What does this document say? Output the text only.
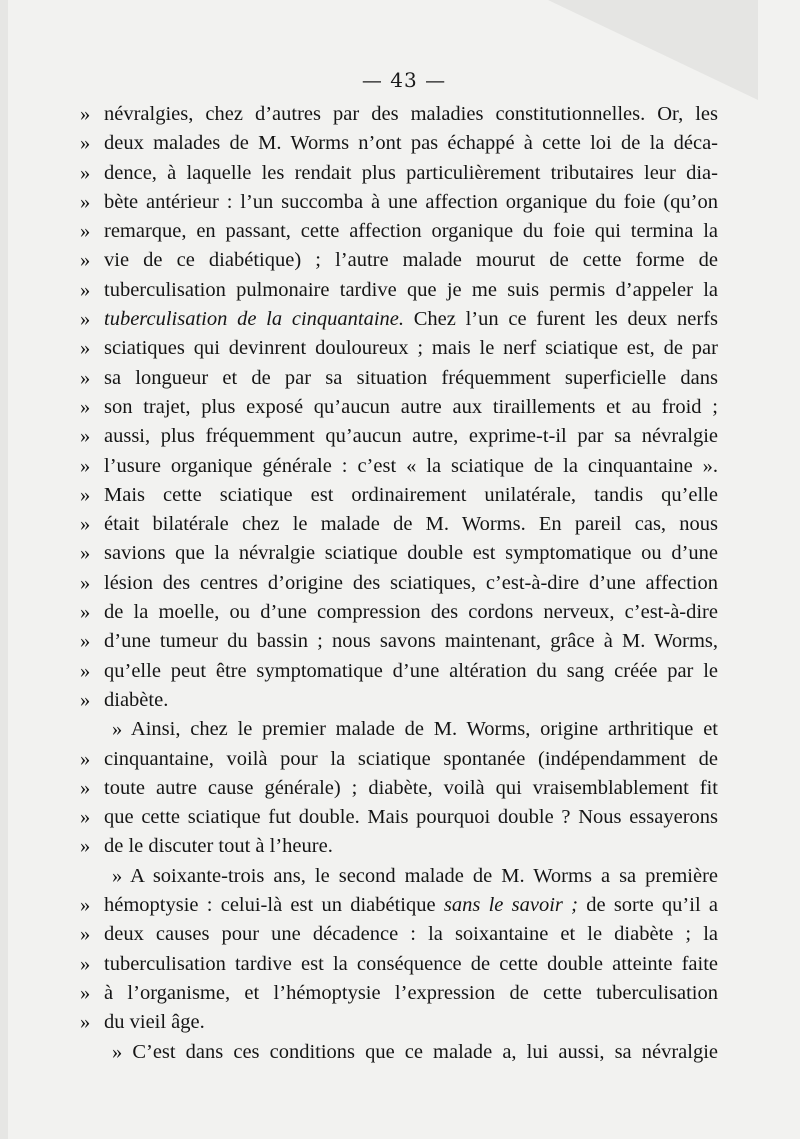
— 43 —
» névralgies, chez d’autres par des maladies constitutionnelles. Or, les
» deux malades de M. Worms n’ont pas échappé à cette loi de la déca-
» dence, à laquelle les rendait plus particulièrement tributaires leur dia-
» bète antérieur : l’un succomba à une affection organique du foie (qu’on
» remarque, en passant, cette affection organique du foie qui termina la
» vie de ce diabétique) ; l’autre malade mourut de cette forme de
» tuberculisation pulmonaire tardive que je me suis permis d’appeler la
» tuberculisation de la cinquantaine. Chez l’un ce furent les deux nerfs
» sciatiques qui devinrent douloureux ; mais le nerf sciatique est, de par
» sa longueur et de par sa situation fréquemment superficielle dans
» son trajet, plus exposé qu’aucun autre aux tiraillements et au froid ;
» aussi, plus fréquemment qu’aucun autre, exprime-t-il par sa névralgie
» l’usure organique générale : c’est « la sciatique de la cinquantaine ».
» Mais cette sciatique est ordinairement unilatérale, tandis qu’elle
» était bilatérale chez le malade de M. Worms. En pareil cas, nous
» savions que la névralgie sciatique double est symptomatique ou d’une
» lésion des centres d’origine des sciatiques, c’est-à-dire d’une affection
» de la moelle, ou d’une compression des cordons nerveux, c’est-à-dire
» d’une tumeur du bassin ; nous savons maintenant, grâce à M. Worms,
» qu’elle peut être symptomatique d’une altération du sang créée par le
» diabète.
» Ainsi, chez le premier malade de M. Worms, origine arthritique et
» cinquantaine, voilà pour la sciatique spontanée (indépendamment de
» toute autre cause générale) ; diabète, voilà qui vraisemblablement fit
» que cette sciatique fut double. Mais pourquoi double ? Nous essayerons
» de le discuter tout à l’heure.
» A soixante-trois ans, le second malade de M. Worms a sa première
» hémoptysie : celui-là est un diabétique sans le savoir ; de sorte qu’il a
» deux causes pour une décadence : la soixantaine et le diabète ; la
» tuberculisation tardive est la conséquence de cette double atteinte faite
» à l’organisme, et l’hémoptysie l’expression de cette tuberculisation
» du vieil âge.
» C’est dans ces conditions que ce malade a, lui aussi, sa névralgie
